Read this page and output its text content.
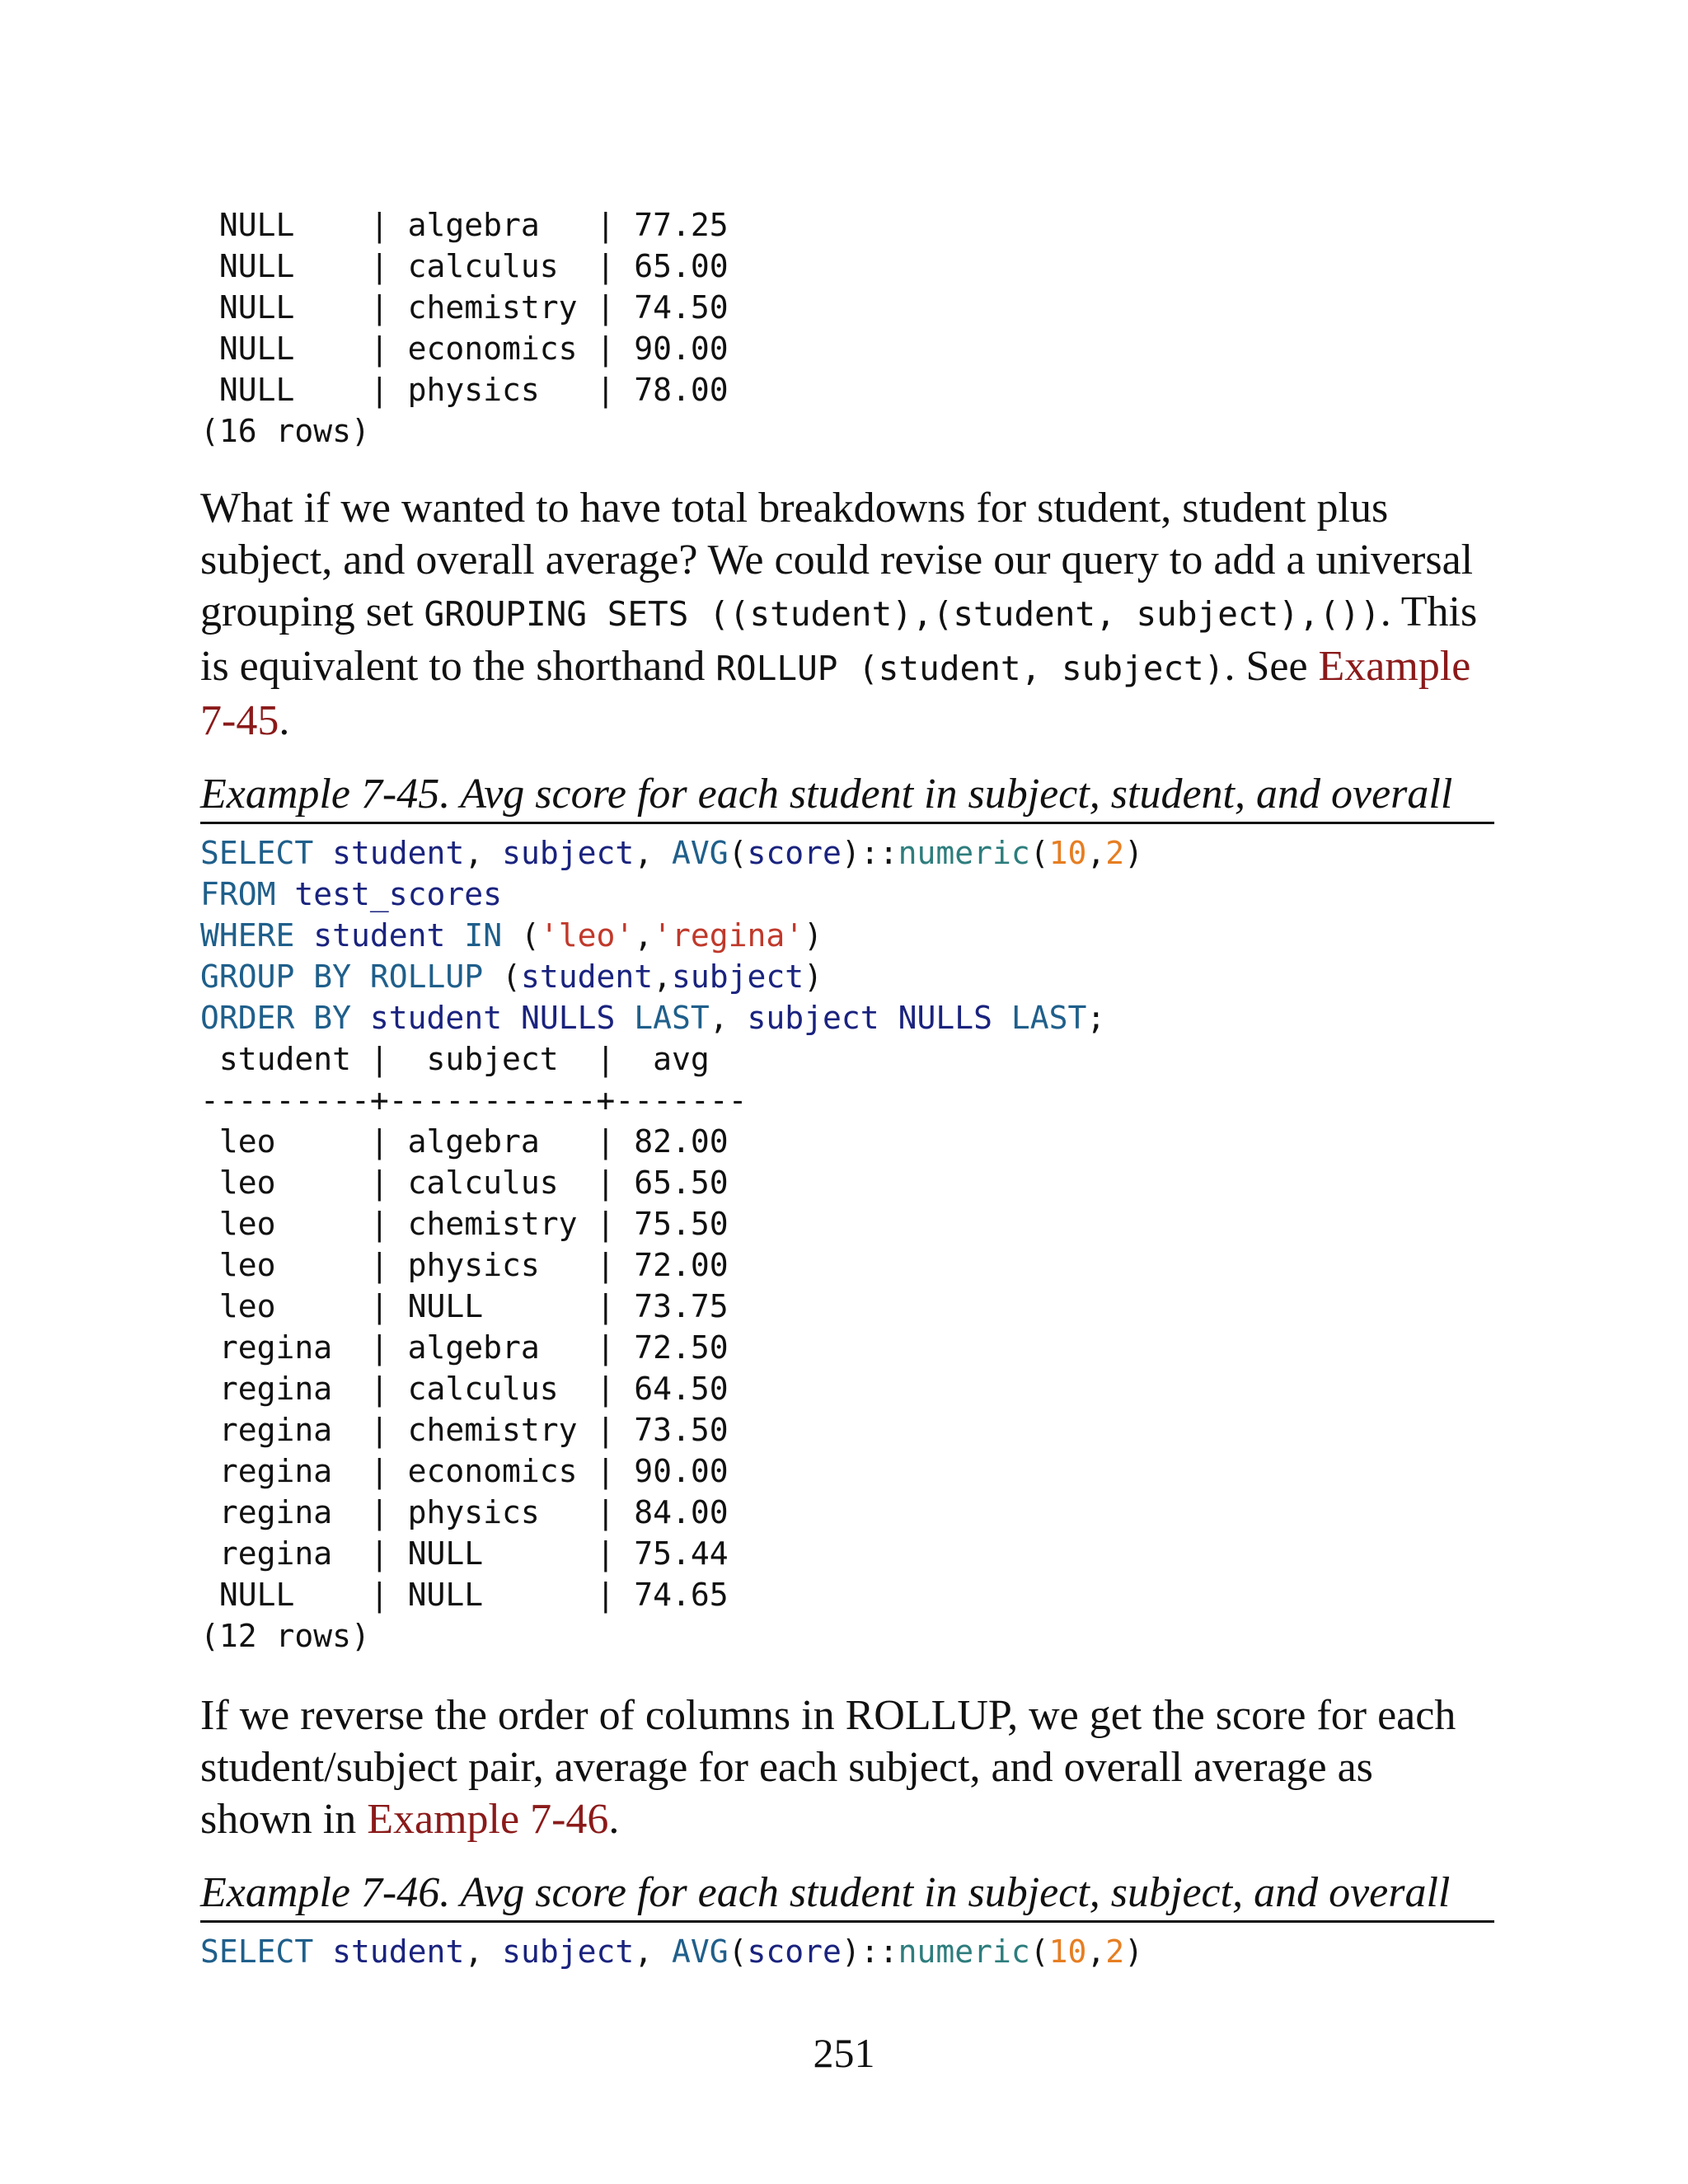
NULL    | algebra   | 77.25
NULL    | calculus  | 65.00
NULL    | chemistry | 74.50
NULL    | economics | 90.00
NULL    | physics   | 78.00
(16 rows)
What if we wanted to have total breakdowns for student, student plus subject, and overall average? We could revise our query to add a universal grouping set GROUPING SETS ((student),(student, subject),()). This is equivalent to the shorthand ROLLUP (student, subject). See Example 7-45.
Example 7-45. Avg score for each student in subject, student, and overall
SELECT student, subject, AVG(score)::numeric(10,2)
FROM test_scores
WHERE student IN ('leo','regina')
GROUP BY ROLLUP (student,subject)
ORDER BY student NULLS LAST, subject NULLS LAST;
student |  subject  |  avg
---------+-----------+-------
leo     | algebra   | 82.00
leo     | calculus  | 65.50
leo     | chemistry | 75.50
leo     | physics   | 72.00
leo     | NULL      | 73.75
regina  | algebra   | 72.50
regina  | calculus  | 64.50
regina  | chemistry | 73.50
regina  | economics | 90.00
regina  | physics   | 84.00
regina  | NULL      | 75.44
NULL    | NULL      | 74.65
(12 rows)
If we reverse the order of columns in ROLLUP, we get the score for each student/subject pair, average for each subject, and overall average as shown in Example 7-46.
Example 7-46. Avg score for each student in subject, subject, and overall
SELECT student, subject, AVG(score)::numeric(10,2)
251
